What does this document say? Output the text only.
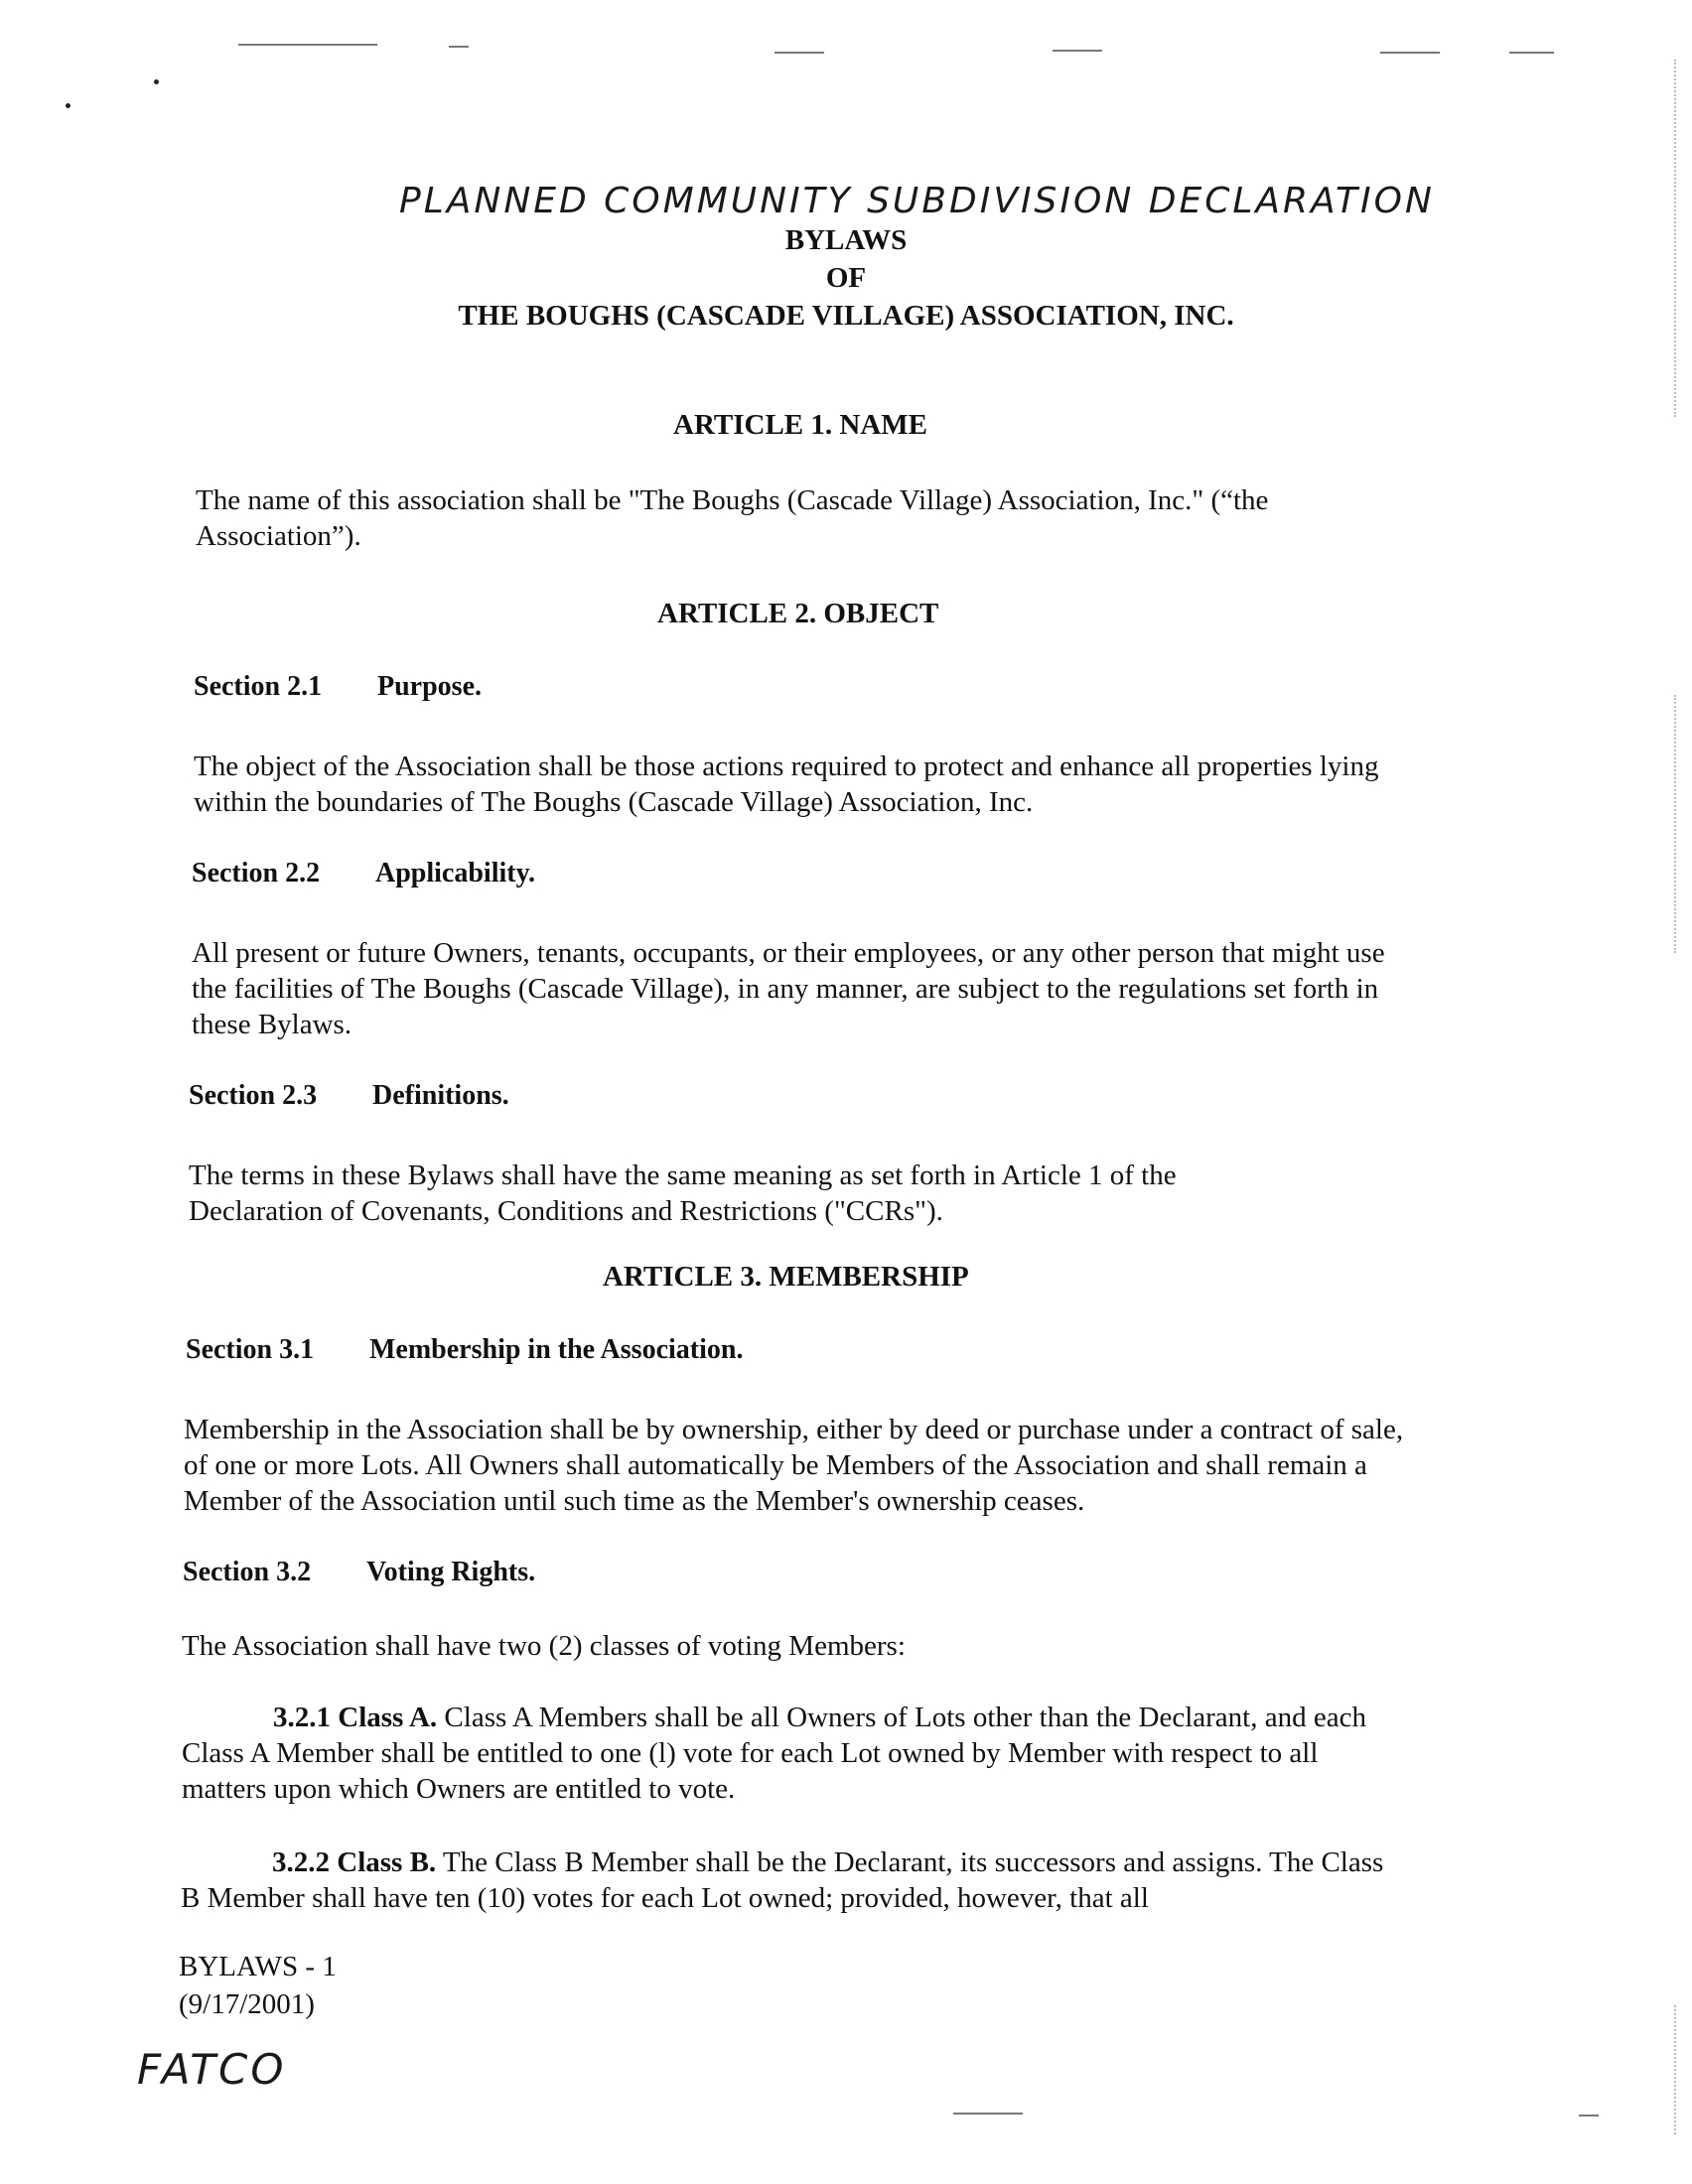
PLANNED COMMUNITY SUBDIVISION DECLARATION
BYLAWS
OF
THE BOUGHS (CASCADE VILLAGE) ASSOCIATION, INC.
ARTICLE 1. NAME
The name of this association shall be "The Boughs (Cascade Village) Association, Inc." (“the Association”).
ARTICLE 2. OBJECT
Section 2.1 Purpose.
The object of the Association shall be those actions required to protect and enhance all properties lying within the boundaries of The Boughs (Cascade Village) Association, Inc.
Section 2.2 Applicability.
All present or future Owners, tenants, occupants, or their employees, or any other person that might use the facilities of The Boughs (Cascade Village), in any manner, are subject to the regulations set forth in these Bylaws.
Section 2.3 Definitions.
The terms in these Bylaws shall have the same meaning as set forth in Article 1 of the Declaration of Covenants, Conditions and Restrictions ("CCRs").
ARTICLE 3. MEMBERSHIP
Section 3.1 Membership in the Association.
Membership in the Association shall be by ownership, either by deed or purchase under a contract of sale, of one or more Lots. All Owners shall automatically be Members of the Association and shall remain a Member of the Association until such time as the Member's ownership ceases.
Section 3.2 Voting Rights.
The Association shall have two (2) classes of voting Members:
3.2.1 Class A. Class A Members shall be all Owners of Lots other than the Declarant, and each Class A Member shall be entitled to one (l) vote for each Lot owned by Member with respect to all matters upon which Owners are entitled to vote.
3.2.2 Class B. The Class B Member shall be the Declarant, its successors and assigns. The Class B Member shall have ten (10) votes for each Lot owned; provided, however, that all
BYLAWS - 1
(9/17/2001)
FATCO
